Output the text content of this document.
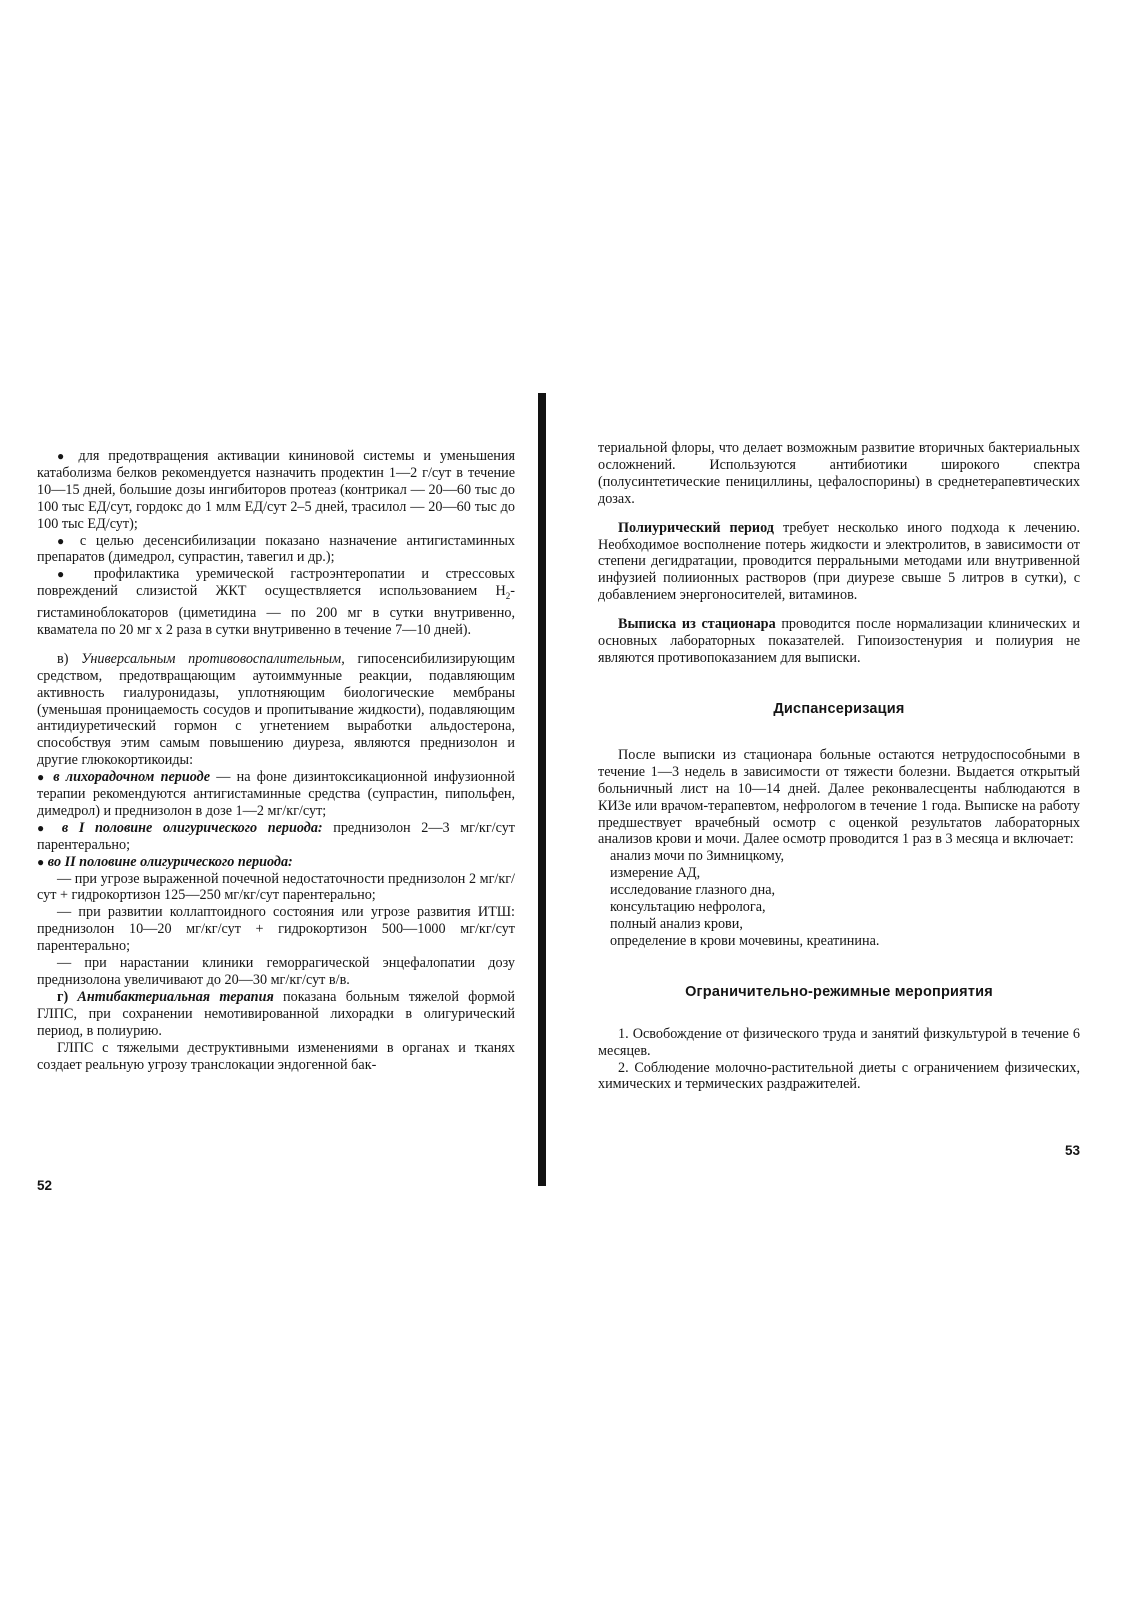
● для предотвращения активации кининовой системы и уменьшения катаболизма белков рекомендуется назначить продектин 1—2 г/сут в течение 10—15 дней, большие дозы ингибиторов протеаз (контрикал — 20—60 тыс до 100 тыс ЕД/сут, гордокс до 1 млм ЕД/сут 2–5 дней, трасилол — 20—60 тыс до 100 тыс ЕД/сут);

● с целью десенсибилизации показано назначение антигистаминных препаратов (димедрол, супрастин, тавегил и др.);

● профилактика уремической гастроэнтеропатии и стрессовых повреждений слизистой ЖКТ осуществляется использованием $Н_2$-гистаминоблокаторов (циметидина — по 200 мг в сутки внутривенно, кваматела по 20 мг х 2 раза в сутки внутривенно в течение 7—10 дней).

в) Универсальным противовоспалительным, гипосенсибилизирующим средством, предотвращающим аутоиммунные реакции, подавляющим активность гиалуронидазы, уплотняющим биологические мембраны (уменьшая проницаемость сосудов и пропитывание жидкости), подавляющим антидиуретический гормон с угнетением выработки альдостерона, способствуя этим самым повышению диуреза, являются преднизолон и другие глюкокортикоиды:

● в лихорадочном периоде — на фоне дизинтоксикационной инфузионной терапии рекомендуются антигистаминные средства (супрастин, пипольфен, димедрол) и преднизолон в дозе 1—2 мг/кг/сут;

● в I половине олигурического периода: преднизолон 2—3 мг/кг/сут парентерально;

● во II половине олигурического периода:

— при угрозе выраженной почечной недостаточности преднизолон 2 мг/кг/сут + гидрокортизон 125—250 мг/кг/сут парентерально;

— при развитии коллаптоидного состояния или угрозе развития ИТШ: преднизолон 10—20 мг/кг/сут + гидрокортизон 500—1000 мг/кг/сут парентерально;

— при нарастании клиники геморрагической энцефалопатии дозу преднизолона увеличивают до 20—30 мг/кг/сут в/в.

г) Антибактериальная терапия показана больным тяжелой формой ГЛПС, при сохранении немотивированной лихорадки в олигурический период, в полиурию.

ГЛПС с тяжелыми деструктивными изменениями в органах и тканях создает реальную угрозу транслокации эндогенной бак-

52

териальной флоры, что делает возможным развитие вторичных бактериальных осложнений. Используются антибиотики широкого спектра (полусинтетические пенициллины, цефалоспорины) в среднетерапевтических дозах.

Полиурический период требует несколько иного подхода к лечению. Необходимое восполнение потерь жидкости и электролитов, в зависимости от степени дегидратации, проводится перральными методами или внутривенной инфузией полиионных растворов (при диурезе свыше 5 литров в сутки), с добавлением энергоносителей, витаминов.

Выписка из стационара проводится после нормализации клинических и основных лабораторных показателей. Гипоизостенурия и полиурия не являются противопоказанием для выписки.

Диспансеризация

После выписки из стационара больные остаются нетрудоспособными в течение 1—3 недель в зависимости от тяжести болезни. Выдается открытый больничный лист на 10—14 дней. Далее реконвалесценты наблюдаются в КИЗе или врачом-терапевтом, нефрологом в течение 1 года. Выписке на работу предшествует врачебный осмотр с оценкой результатов лабораторных анализов крови и мочи. Далее осмотр проводится 1 раз в 3 месяца и включает:

анализ мочи по Зимницкому,
измерение АД,
исследование глазного дна,
консультацию нефролога,
полный анализ крови,
определение в крови мочевины, креатинина.
Ограничительно-режимные мероприятия

1. Освобождение от физического труда и занятий физкультурой в течение 6 месяцев.

2. Соблюдение молочно-растительной диеты с ограничением физических, химических и термических раздражителей.

53
